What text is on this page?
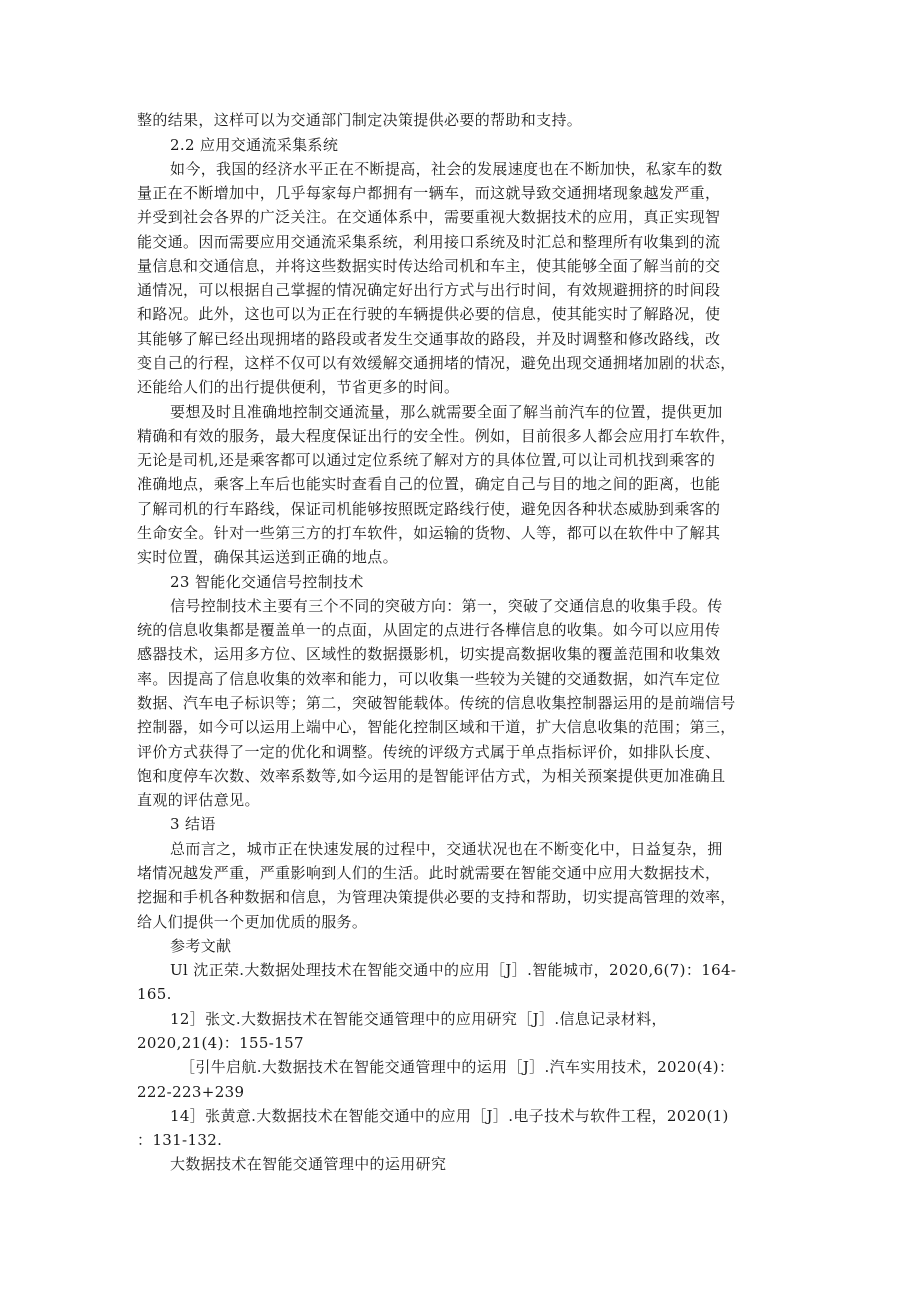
整的结果，这样可以为交通部门制定决策提供必要的帮助和支持。
2.2 应用交通流采集系统
如今，我国的经济水平正在不断提高，社会的发展速度也在不断加快，私家车的数
量正在不断增加中，几乎每家每户都拥有一辆车，而这就导致交通拥堵现象越发严重，
并受到社会各界的广泛关注。在交通体系中，需要重视大数据技术的应用，真正实现智
能交通。因而需要应用交通流采集系统，利用接口系统及时汇总和整理所有收集到的流
量信息和交通信息，并将这些数据实时传达给司机和车主，使其能够全面了解当前的交
通情况，可以根据自己掌握的情况确定好出行方式与出行时间，有效规避拥挤的时间段
和路况。此外，这也可以为正在行驶的车辆提供必要的信息，使其能实时了解路况，使
其能够了解已经出现拥堵的路段或者发生交通事故的路段，并及时调整和修改路线，改
变自己的行程，这样不仅可以有效缓解交通拥堵的情况，避免出现交通拥堵加剧的状态，
还能给人们的出行提供便利，节省更多的时间。
要想及时且准确地控制交通流量，那么就需要全面了解当前汽车的位置，提供更加
精确和有效的服务，最大程度保证出行的安全性。例如，目前很多人都会应用打车软件，
无论是司机,还是乘客都可以通过定位系统了解对方的具体位置,可以让司机找到乘客的
准确地点，乘客上车后也能实时查看自己的位置，确定自己与目的地之间的距离，也能
了解司机的行车路线，保证司机能够按照既定路线行使，避免因各种状态威胁到乘客的
生命安全。针对一些第三方的打车软件，如运输的货物、人等，都可以在软件中了解其
实时位置，确保其运送到正确的地点。
23 智能化交通信号控制技术
信号控制技术主要有三个不同的突破方向：第一，突破了交通信息的收集手段。传
统的信息收集都是覆盖单一的点面，从固定的点进行各樺信息的收集。如今可以应用传
感器技术，运用多方位、区域性的数据摄影机，切实提高数据收集的覆盖范围和收集效
率。因提高了信息收集的效率和能力，可以收集一些较为关键的交通数据，如汽车定位
数据、汽车电子标识等；第二，突破智能载体。传统的信息收集控制器运用的是前端信号
控制器，如今可以运用上端中心，智能化控制区域和干道，扩大信息收集的范围；第三，
评价方式获得了一定的优化和调整。传统的评级方式属于单点指标评价，如排队长度、
饱和度停车次数、效率系数等,如今运用的是智能评估方式，为相关预案提供更加准确且
直观的评估意见。
3 结语
总而言之，城市正在快速发展的过程中，交通状况也在不断变化中，日益复杂，拥
堵情况越发严重，严重影响到人们的生活。此时就需要在智能交通中应用大数据技术，
挖掘和手机各种数据和信息，为管理决策提供必要的支持和帮助，切实提高管理的效率，
给人们提供一个更加优质的服务。
参考文献
Ul 沈正荣.大数据处理技术在智能交通中的应用［J］.智能城市，2020,6(7)：164-
165.
12］张文.大数据技术在智能交通管理中的应用研究［J］.信息记录材料，
2020,21(4)：155-157
［引牛启航.大数据技术在智能交通管理中的运用［J］.汽车实用技术，2020(4)：
222-223+239
14］张黄意.大数据技术在智能交通中的应用［J］.电子技术与软件工程，2020(1)
：131-132.
大数据技术在智能交通管理中的运用研究
